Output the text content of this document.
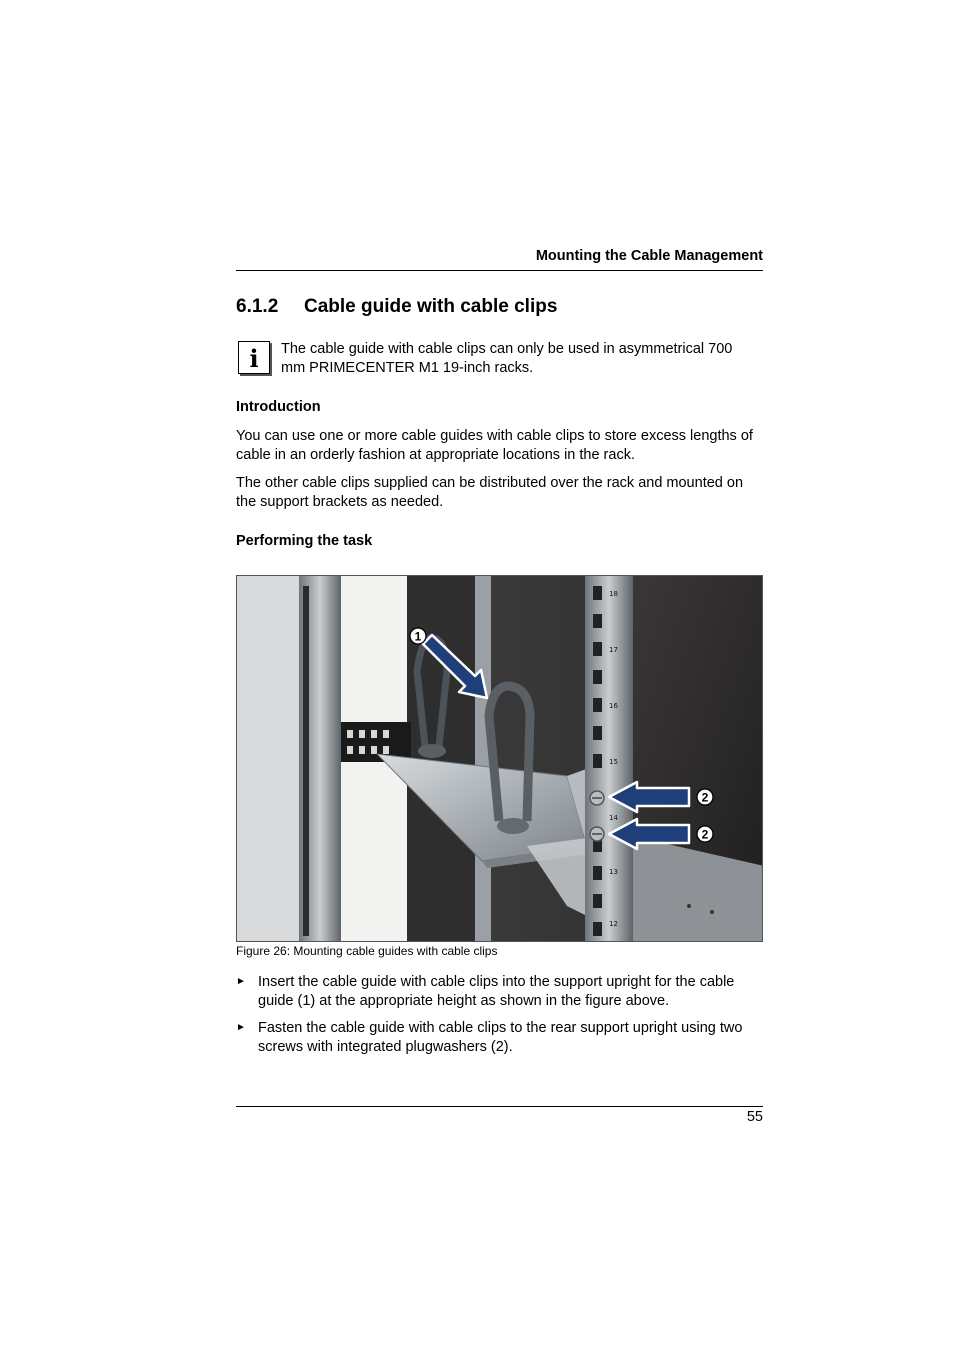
Mounting the Cable Management
6.1.2 Cable guide with cable clips
i	The cable guide with cable clips can only be used in asymmetrical 700 mm PRIMECENTER M1 19-inch racks.
Introduction
You can use one or more cable guides with cable clips to store excess lengths of cable in an orderly fashion at appropriate locations in the rack.
The other cable clips supplied can be distributed over the rack and mounted on the support brackets as needed.
Performing the task
18
17
16
15
14
13
12
1
2
2
Figure 26: Mounting cable guides with cable clips
► Insert the cable guide with cable clips into the support upright for the cable guide (1) at the appropriate height as shown in the figure above.
► Fasten the cable guide with cable clips to the rear support upright using two screws with integrated plugwashers (2).
55
